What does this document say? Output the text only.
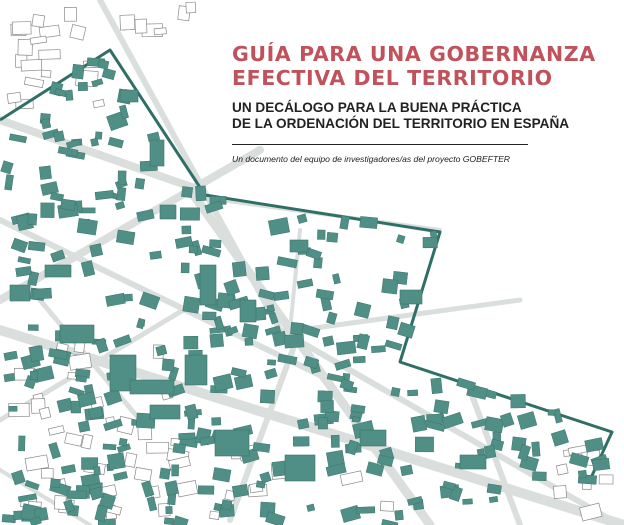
GUÍA PARA UNA GOBERNANZA
EFECTIVA DEL TERRITORIO
UN DECÁLOGO PARA LA BUENA PRÁCTICA
DE LA ORDENACIÓN DEL TERRITORIO EN ESPAÑA
Un documento del equipo de investigadores/as del proyecto GOBEFTER
